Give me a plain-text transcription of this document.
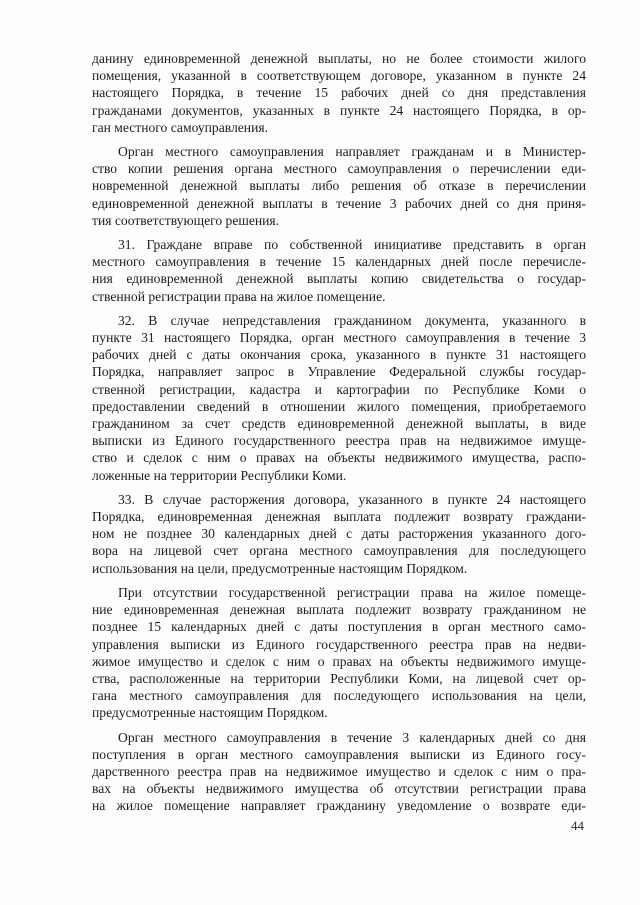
данину единовременной денежной выплаты, но не более стоимости жилого
помещения, указанной в соответствующем договоре, указанном в пункте 24
настоящего Порядка, в течение 15 рабочих дней со дня представления
гражданами документов, указанных в пункте 24 настоящего Порядка, в ор-
ган местного самоуправления.

Орган местного самоуправления направляет гражданам и в Министер-
ство копии решения органа местного самоуправления о перечислении еди-
новременной денежной выплаты либо решения об отказе в перечислении
единовременной денежной выплаты в течение 3 рабочих дней со дня приня-
тия соответствующего решения.

31. Граждане вправе по собственной инициативе представить в орган
местного самоуправления в течение 15 календарных дней после перечисле-
ния единовременной денежной выплаты копию свидетельства о государ-
ственной регистрации права на жилое помещение.

32. В случае непредставления гражданином документа, указанного в
пункте 31 настоящего Порядка, орган местного самоуправления в течение 3
рабочих дней с даты окончания срока, указанного в пункте 31 настоящего
Порядка, направляет запрос в Управление Федеральной службы государ-
ственной регистрации, кадастра и картографии по Республике Коми о
предоставлении сведений в отношении жилого помещения, приобретаемого
гражданином за счет средств единовременной денежной выплаты, в виде
выписки из Единого государственного реестра прав на недвижимое имуще-
ство и сделок с ним о правах на объекты недвижимого имущества, распо-
ложенные на территории Республики Коми.

33. В случае расторжения договора, указанного в пункте 24 настоящего
Порядка, единовременная денежная выплата подлежит возврату граждани-
ном не позднее 30 календарных дней с даты расторжения указанного дого-
вора на лицевой счет органа местного самоуправления для последующего
использования на цели, предусмотренные настоящим Порядком.

При отсутствии государственной регистрации права на жилое помеще-
ние единовременная денежная выплата подлежит возврату гражданином не
позднее 15 календарных дней с даты поступления в орган местного само-
управления выписки из Единого государственного реестра прав на недви-
жимое имущество и сделок с ним о правах на объекты недвижимого имуще-
ства, расположенные на территории Республики Коми, на лицевой счет ор-
гана местного самоуправления для последующего использования на цели,
предусмотренные настоящим Порядком.

Орган местного самоуправления в течение 3 календарных дней со дня
поступления в орган местного самоуправления выписки из Единого госу-
дарственного реестра прав на недвижимое имущество и сделок с ним о пра-
вах на объекты недвижимого имущества об отсутствии регистрации права
на жилое помещение направляет гражданину уведомление о возврате еди-

44
